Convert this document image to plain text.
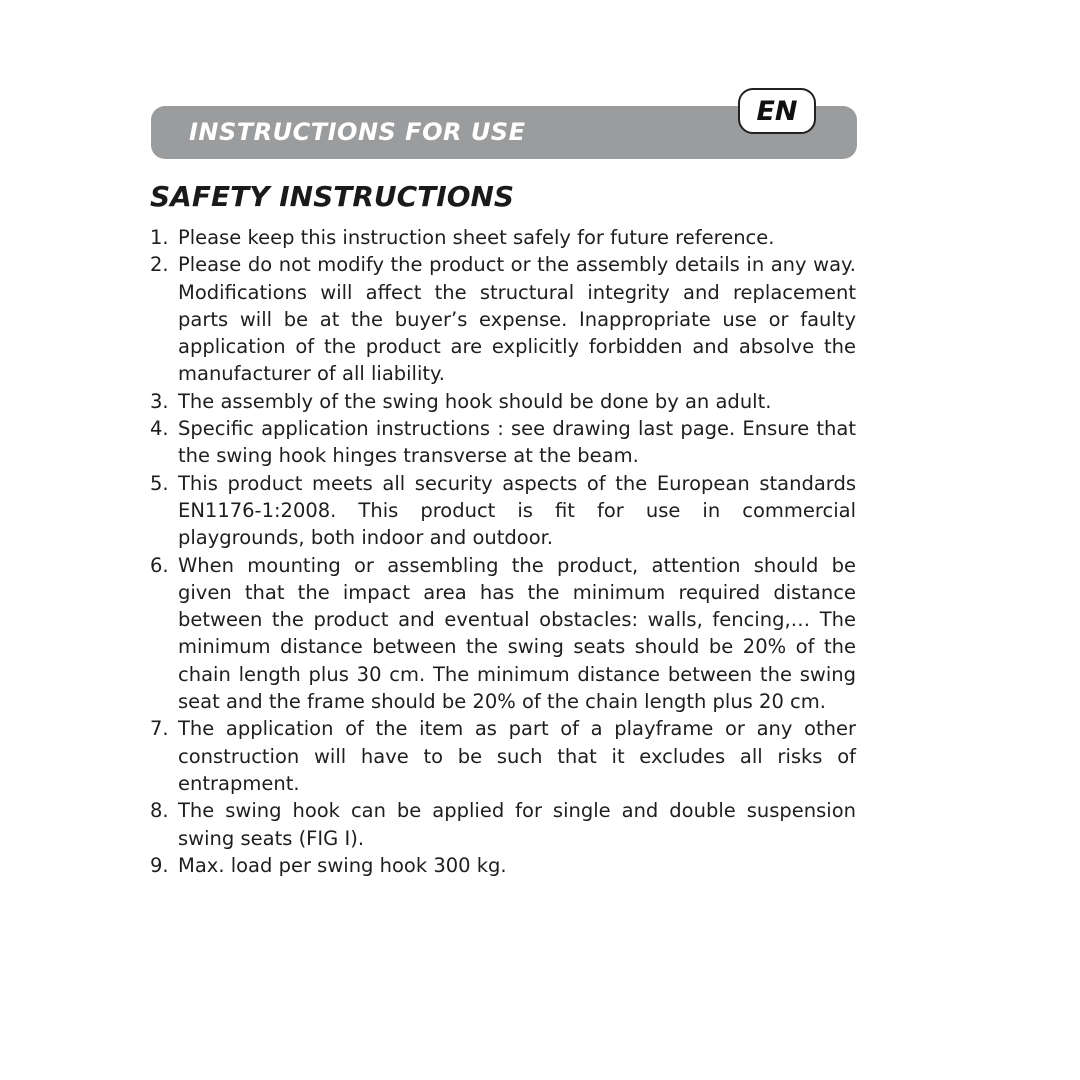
INSTRUCTIONS FOR USE
EN
SAFETY INSTRUCTIONS
1. Please keep this instruction sheet safely for future reference.
2. Please do not modify the product or the assembly details in any way. Modifications will affect the structural integrity and replacement parts will be at the buyer’s expense. Inappropriate use or faulty application of the product are explicitly forbidden and absolve the manufacturer of all liability.
3. The assembly of the swing hook should be done by an adult.
4. Specific application instructions : see drawing last page. Ensure that the swing hook hinges transverse at the beam.
5. This product meets all security aspects of the European standards EN1176-1:2008. This product is fit for use in commercial playgrounds, both indoor and outdoor.
6. When mounting or assembling the product, attention should be given that the impact area has the minimum required distance between the product and eventual obstacles: walls, fencing,… The minimum distance between the swing seats should be 20% of the chain length plus 30 cm. The minimum distance between the swing seat and the frame should be 20% of the chain length plus 20 cm.
7. The application of the item as part of a playframe or any other construction will have to be such that it excludes all risks of entrapment.
8. The swing hook can be applied for single and double suspension swing seats (FIG I).
9. Max. load per swing hook 300 kg.
